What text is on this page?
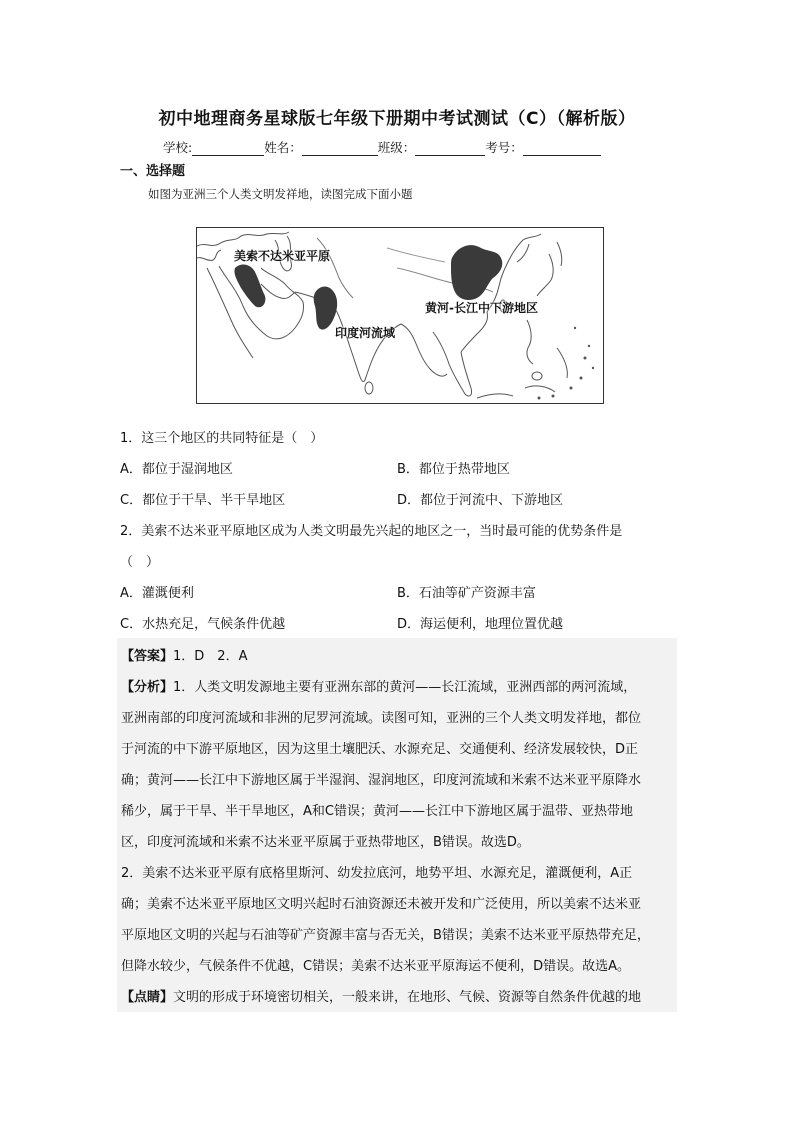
初中地理商务星球版七年级下册期中考试测试（C）（解析版）
学校:	姓名：	班级：	考号：
一、选择题
如图为亚洲三个人类文明发祥地，读图完成下面小题
美索不达米亚平原
印度河流域
黄河-长江中下游地区
1．这三个地区的共同特征是（　）
A．都位于湿润地区	B．都位于热带地区
C．都位于干旱、半干旱地区	D．都位于河流中、下游地区
2．美索不达米亚平原地区成为人类文明最先兴起的地区之一，当时最可能的优势条件是
（　）
A．灌溉便利	B．石油等矿产资源丰富
C．水热充足，气候条件优越	D．海运便利，地理位置优越
【答案】1．D　2．A
【分析】1．人类文明发源地主要有亚洲东部的黄河——长江流域，亚洲西部的两河流域，
亚洲南部的印度河流域和非洲的尼罗河流域。读图可知，亚洲的三个人类文明发祥地，都位
于河流的中下游平原地区，因为这里土壤肥沃、水源充足、交通便利、经济发展较快，D正
确；黄河——长江中下游地区属于半湿润、湿润地区，印度河流域和米索不达米亚平原降水
稀少，属于干旱、半干旱地区，A和C错误；黄河——长江中下游地区属于温带、亚热带地
区，印度河流域和米索不达米亚平原属于亚热带地区，B错误。故选D。
2．美索不达米亚平原有底格里斯河、幼发拉底河，地势平坦、水源充足，灌溉便利，A正
确；美索不达米亚平原地区文明兴起时石油资源还未被开发和广泛使用，所以美索不达米亚
平原地区文明的兴起与石油等矿产资源丰富与否无关，B错误；美索不达米亚平原热带充足，
但降水较少，气候条件不优越，C错误；美索不达米亚平原海运不便利，D错误。故选A。
【点睛】文明的形成于环境密切相关，一般来讲，在地形、气候、资源等自然条件优越的地
